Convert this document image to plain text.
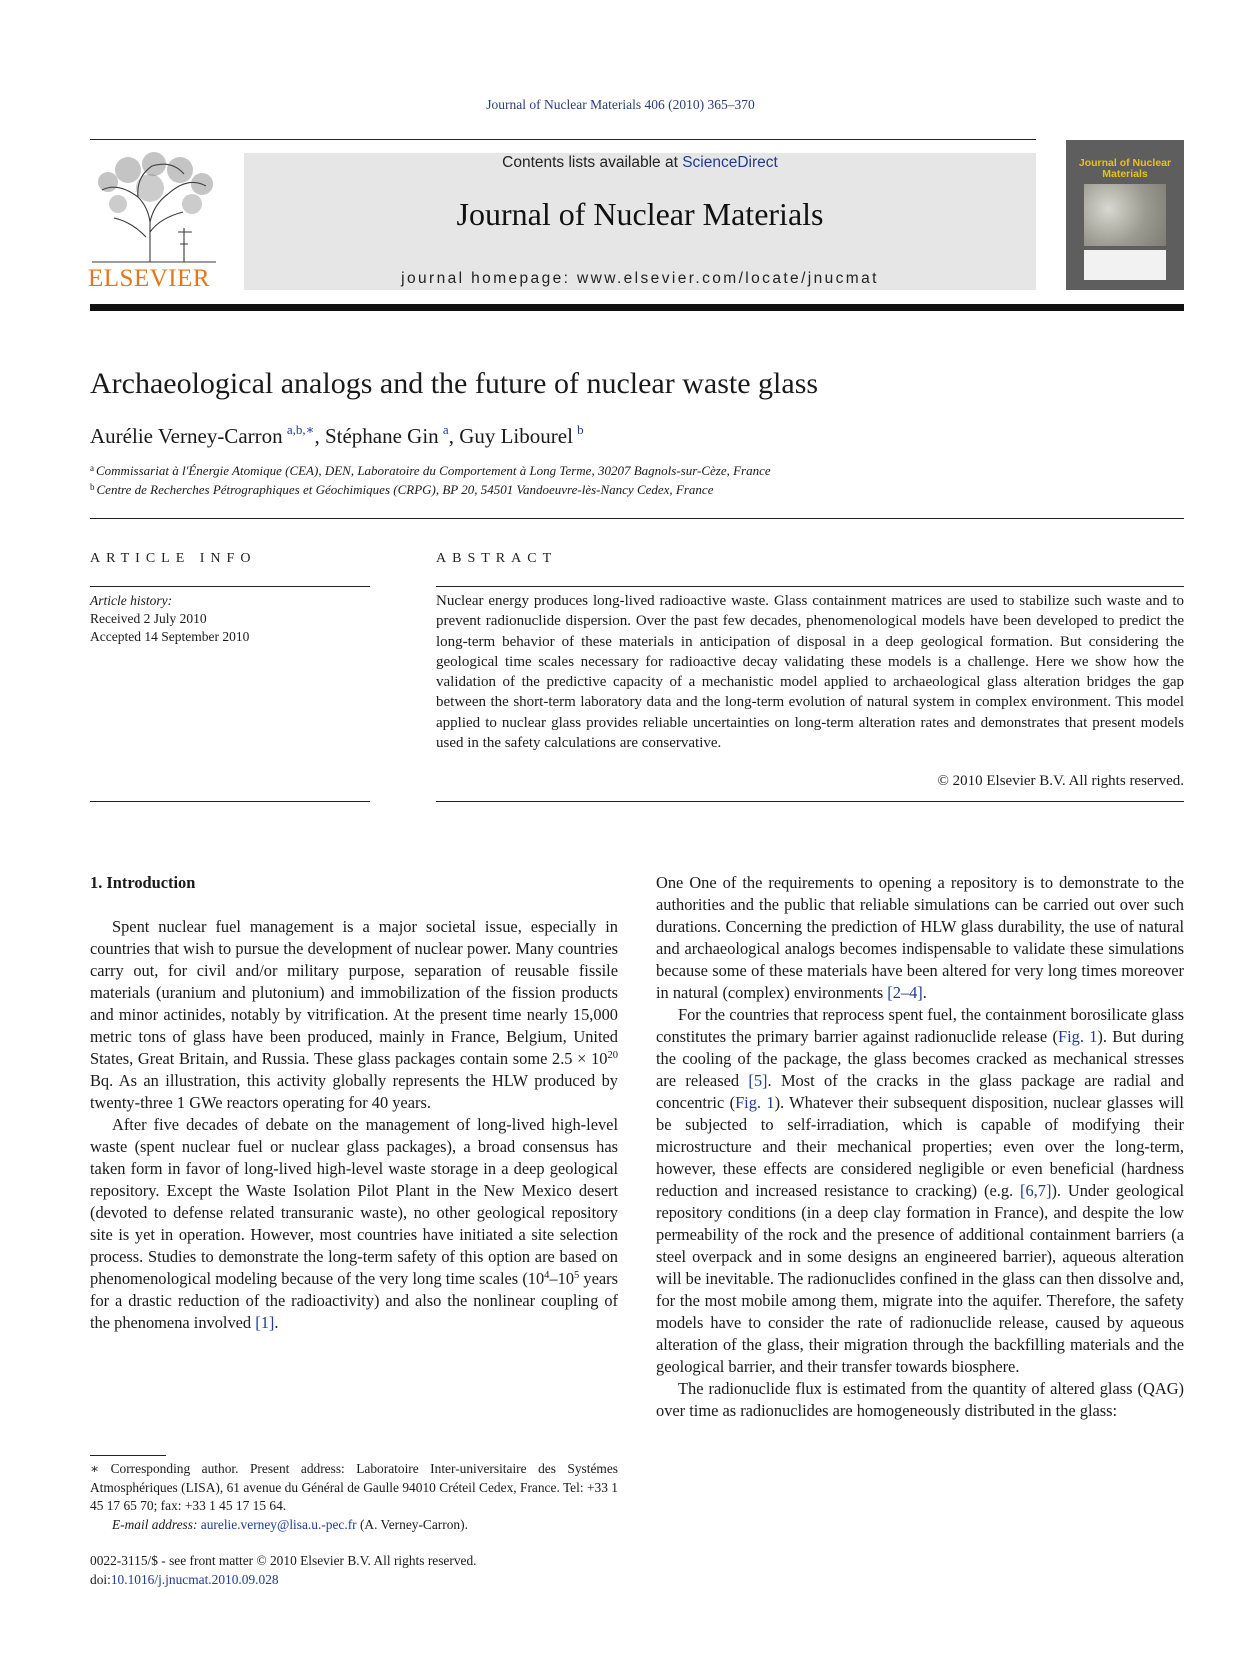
Journal of Nuclear Materials 406 (2010) 365–370
ELSEVIER
Contents lists available at ScienceDirect
Journal of Nuclear Materials
journal homepage: www.elsevier.com/locate/jnucmat
Journal of Nuclear Materials
Archaeological analogs and the future of nuclear waste glass
Aurélie Verney-Carron  $^{a,b,∗}$, Stéphane Gin  $^a$, Guy Libourel  $^b$
$^a$ Commissariat à l'Énergie Atomique (CEA), DEN, Laboratoire du Comportement à Long Terme, 30207 Bagnols-sur-Cèze, France
$^b$ Centre de Recherches Pétrographiques et Géochimiques (CRPG), BP 20, 54501 Vandoeuvre-lès-Nancy Cedex, France
ARTICLE INFO	ABSTRACT
Article history:
Received 2 July 2010
Accepted 14 September 2010
Nuclear energy produces long-lived radioactive waste. Glass containment matrices are used to stabilize such waste and to prevent radionuclide dispersion. Over the past few decades, phenomenological models have been developed to predict the long-term behavior of these materials in anticipation of disposal in a deep geological formation. But considering the geological time scales necessary for radioactive decay validating these models is a challenge. Here we show how the validation of the predictive capacity of a mechanistic model applied to archaeological glass alteration bridges the gap between the short-term laboratory data and the long-term evolution of natural system in complex environment. This model applied to nuclear glass provides reliable uncertainties on long-term alteration rates and demonstrates that present models used in the safety calculations are conservative.
© 2010 Elsevier B.V. All rights reserved.

1. Introduction

Spent nuclear fuel management is a major societal issue, especially in countries that wish to pursue the development of nuclear power. Many countries carry out, for civil and/or military purpose, separation of reusable fissile materials (uranium and plutonium) and immobilization of the fission products and minor actinides, notably by vitrification. At the present time nearly 15,000 metric tons of glass have been produced, mainly in France, Belgium, United States, Great Britain, and Russia. These glass packages contain some $2.5 \times 10^{20}$ Bq. As an illustration, this activity globally represents the HLW produced by twenty-three 1 GWe reactors operating for 40 years.

After five decades of debate on the management of long-lived high-level waste (spent nuclear fuel or nuclear glass packages), a broad consensus has taken form in favor of long-lived high-level waste storage in a deep geological repository. Except the Waste Isolation Pilot Plant in the New Mexico desert (devoted to defense related transuranic waste), no other geological repository site is yet in operation. However, most countries have initiated a site selection process. Studies to demonstrate the long-term safety of this option are based on phenomenological modeling because of the very long time scales ($10^4-10^5$ years for a drastic reduction of the radioactivity) and also the nonlinear coupling of the phenomena involved [1].

One One of the requirements to opening a repository is to demonstrate to the authorities and the public that reliable simulations can be carried out over such durations. Concerning the prediction of HLW glass durability, the use of natural and archaeological analogs becomes indispensable to validate these simulations because some of these materials have been altered for very long times moreover in natural (complex) environments [2–4].

For the countries that reprocess spent fuel, the containment borosilicate glass constitutes the primary barrier against radionuclide release (Fig. 1). But during the cooling of the package, the glass becomes cracked as mechanical stresses are released [5]. Most of the cracks in the glass package are radial and concentric (Fig. 1). Whatever their subsequent disposition, nuclear glasses will be subjected to self-irradiation, which is capable of modifying their microstructure and their mechanical properties; even over the long-term, however, these effects are considered negligible or even beneficial (hardness reduction and increased resistance to cracking) (e.g. [6,7]). Under geological repository conditions (in a deep clay formation in France), and despite the low permeability of the rock and the presence of additional containment barriers (a steel overpack and in some designs an engineered barrier), aqueous alteration will be inevitable. The radionuclides confined in the glass can then dissolve and, for the most mobile among them, migrate into the aquifer. Therefore, the safety models have to consider the rate of radionuclide release, caused by aqueous alteration of the glass, their migration through the backfilling materials and the geological barrier, and their transfer towards biosphere.

The radionuclide flux is estimated from the quantity of altered glass (QAG) over time as radionuclides are homogeneously distributed in the glass:

∗ Corresponding author. Present address: Laboratoire Inter-universitaire des Systémes Atmosphériques (LISA), 61 avenue du Général de Gaulle 94010 Créteil Cedex, France. Tel: +33 1 45 17 65 70; fax: +33 1 45 17 15 64.
E-mail address: aurelie.verney@lisa.u.-pec.fr (A. Verney-Carron).
0022-3115/$ - see front matter © 2010 Elsevier B.V. All rights reserved.
doi:10.1016/j.jnucmat.2010.09.028
